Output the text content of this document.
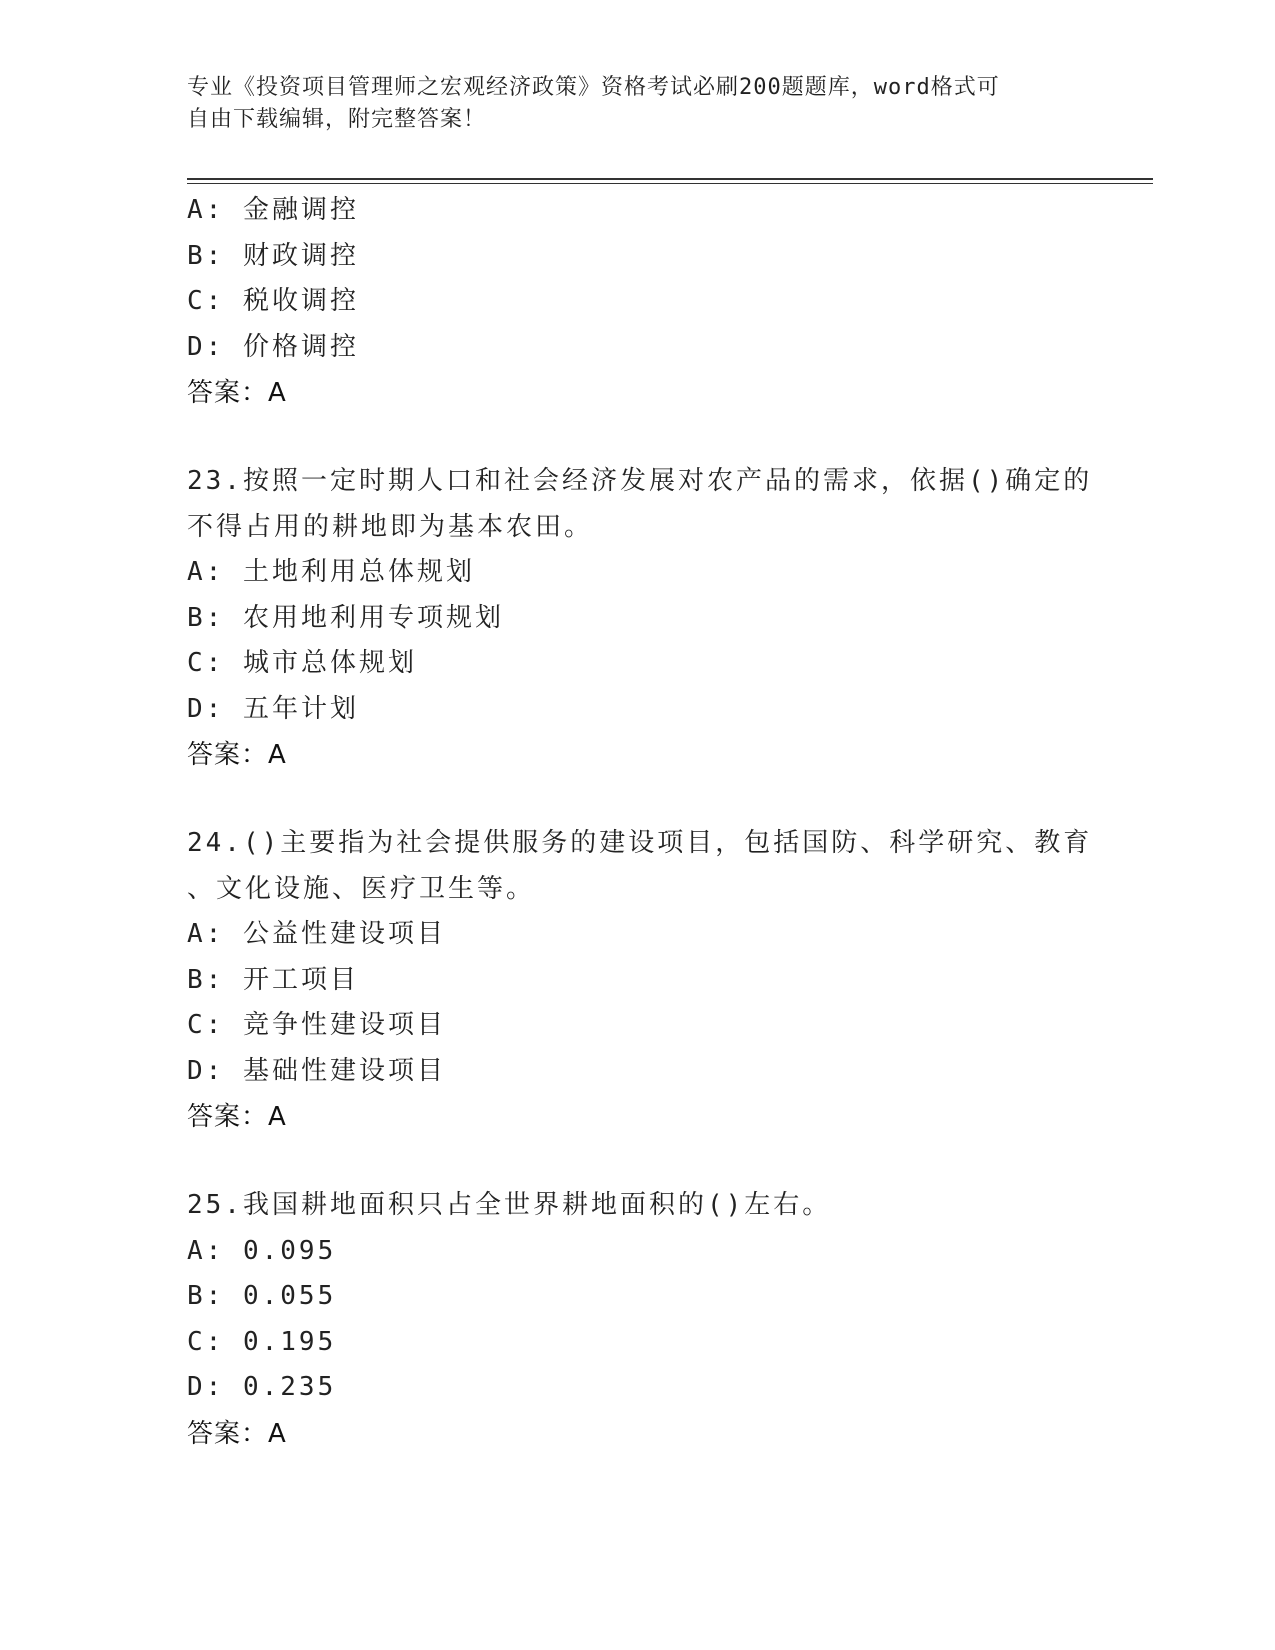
专业《投资项目管理师之宏观经济政策》资格考试必刷200题题库，word格式可
自由下载编辑，附完整答案！
A: 金融调控
B: 财政调控
C: 税收调控
D: 价格调控
答案：A
23.按照一定时期人口和社会经济发展对农产品的需求，依据()确定的
不得占用的耕地即为基本农田。
A: 土地利用总体规划
B: 农用地利用专项规划
C: 城市总体规划
D: 五年计划
答案：A
24.()主要指为社会提供服务的建设项目，包括国防、科学研究、教育
、文化设施、医疗卫生等。
A: 公益性建设项目
B: 开工项目
C: 竞争性建设项目
D: 基础性建设项目
答案：A
25.我国耕地面积只占全世界耕地面积的()左右。
A: 0.095
B: 0.055
C: 0.195
D: 0.235
答案：A
